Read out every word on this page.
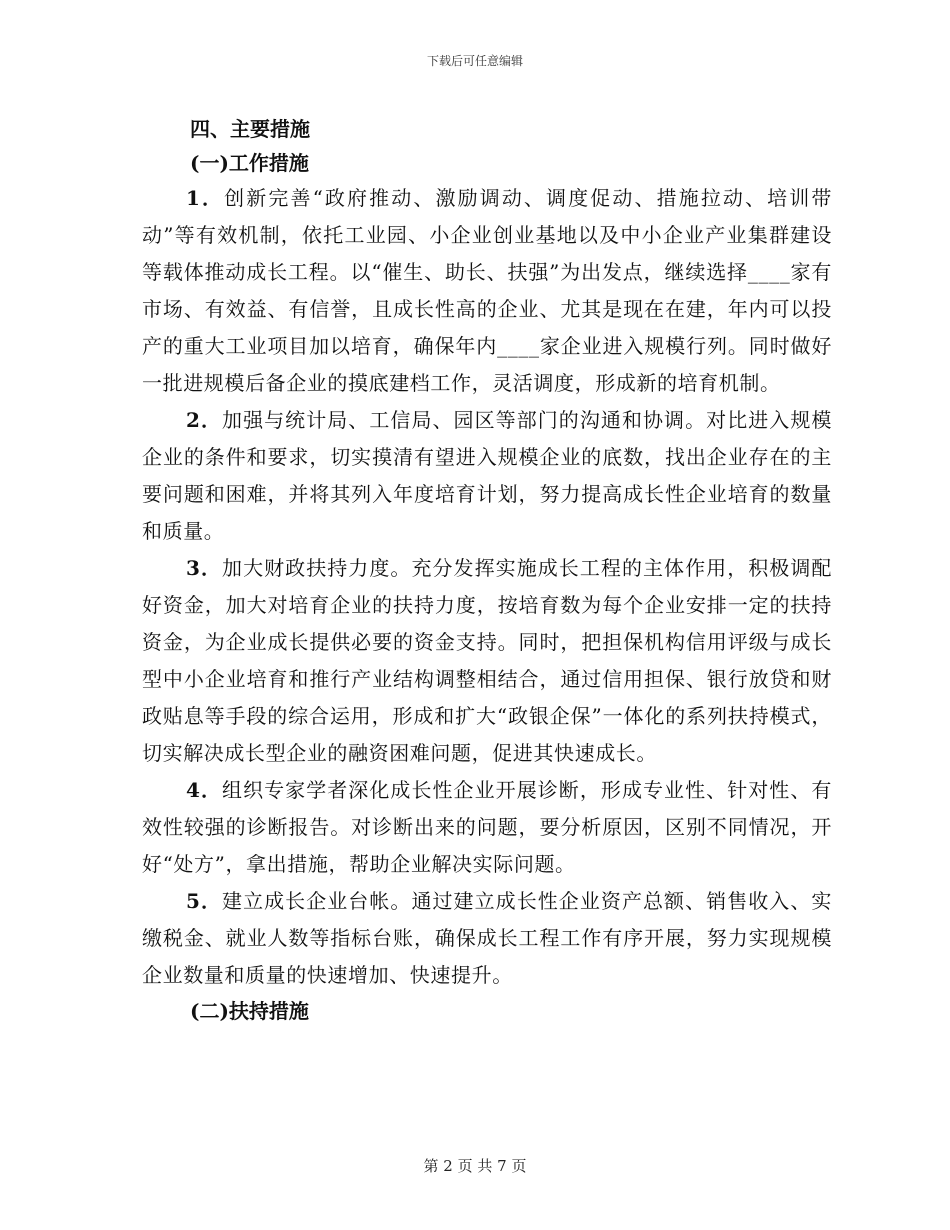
下载后可任意编辑
四、主要措施
(一)工作措施

1．创新完善“政府推动、激励调动、调度促动、措施拉动、培训带动”等有效机制，依托工业园、小企业创业基地以及中小企业产业集群建设等载体推动成长工程。以“催生、助长、扶强”为出发点，继续选择____家有市场、有效益、有信誉，且成长性高的企业、尤其是现在在建，年内可以投产的重大工业项目加以培育，确保年内____家企业进入规模行列。同时做好一批进规模后备企业的摸底建档工作，灵活调度，形成新的培育机制。

2．加强与统计局、工信局、园区等部门的沟通和协调。对比进入规模企业的条件和要求，切实摸清有望进入规模企业的底数，找出企业存在的主要问题和困难，并将其列入年度培育计划，努力提高成长性企业培育的数量和质量。

3．加大财政扶持力度。充分发挥实施成长工程的主体作用，积极调配好资金，加大对培育企业的扶持力度，按培育数为每个企业安排一定的扶持资金，为企业成长提供必要的资金支持。同时，把担保机构信用评级与成长型中小企业培育和推行产业结构调整相结合，通过信用担保、银行放贷和财政贴息等手段的综合运用，形成和扩大“政银企保”一体化的系列扶持模式，切实解决成长型企业的融资困难问题，促进其快速成长。

4．组织专家学者深化成长性企业开展诊断，形成专业性、针对性、有效性较强的诊断报告。对诊断出来的问题，要分析原因，区别不同情况，开好“处方”，拿出措施，帮助企业解决实际问题。

5．建立成长企业台帐。通过建立成长性企业资产总额、销售收入、实缴税金、就业人数等指标台账，确保成长工程工作有序开展，努力实现规模企业数量和质量的快速增加、快速提升。

(二)扶持措施
第 2 页 共 7 页
